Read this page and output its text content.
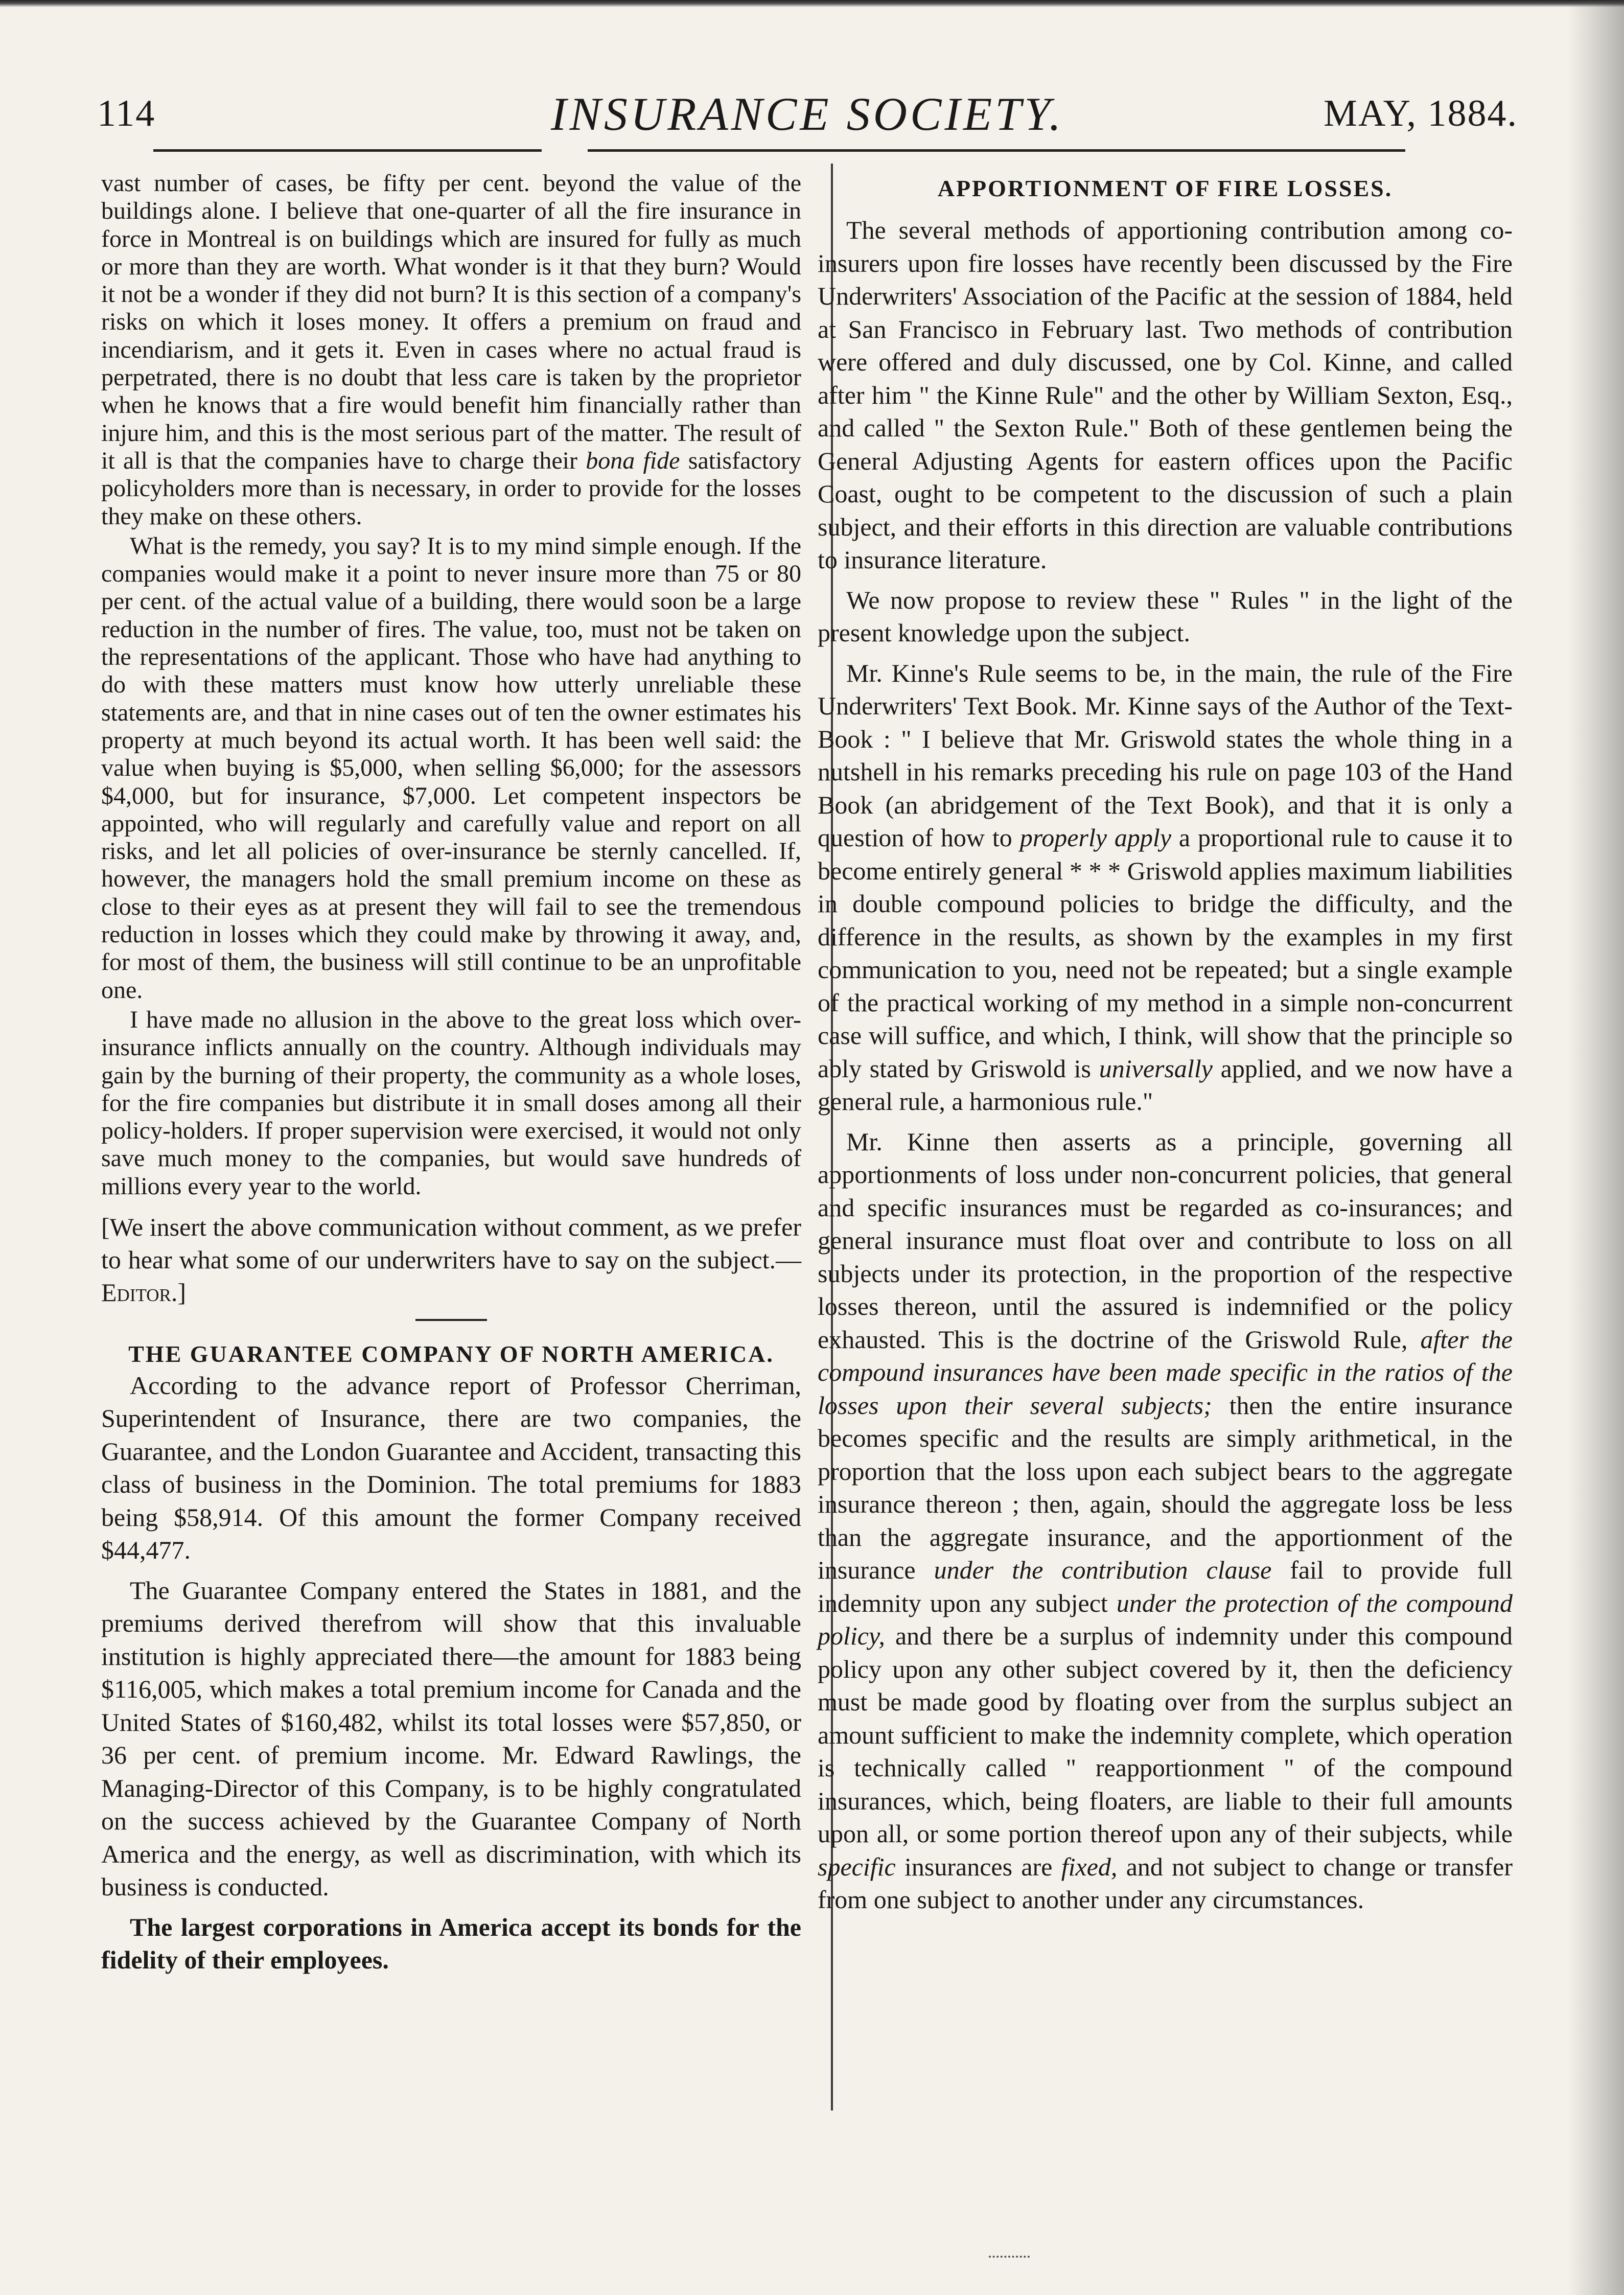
114	INSURANCE SOCIETY.	MAY, 1884.

vast number of cases, be fifty per cent. beyond the value of the buildings alone. I believe that one-quarter of all the fire insurance in force in Montreal is on buildings which are insured for fully as much or more than they are worth. What wonder is it that they burn? Would it not be a wonder if they did not burn? It is this section of a company's risks on which it loses money. It offers a premium on fraud and incendiarism, and it gets it. Even in cases where no actual fraud is perpetrated, there is no doubt that less care is taken by the proprietor when he knows that a fire would benefit him financially rather than injure him, and this is the most serious part of the matter. The result of it all is that the companies have to charge their bona fide satisfactory policyholders more than is necessary, in order to provide for the losses they make on these others.

What is the remedy, you say? It is to my mind simple enough. If the companies would make it a point to never insure more than 75 or 80 per cent. of the actual value of a building, there would soon be a large reduction in the number of fires. The value, too, must not be taken on the representations of the applicant. Those who have had anything to do with these matters must know how utterly unreliable these statements are, and that in nine cases out of ten the owner estimates his property at much beyond its actual worth. It has been well said: the value when buying is $5,000, when selling $6,000; for the assessors $4,000, but for insurance, $7,000. Let competent inspectors be appointed, who will regularly and carefully value and report on all risks, and let all policies of over-insurance be sternly cancelled. If, however, the managers hold the small premium income on these as close to their eyes as at present they will fail to see the tremendous reduction in losses which they could make by throwing it away, and, for most of them, the business will still continue to be an unprofitable one.

I have made no allusion in the above to the great loss which over-insurance inflicts annually on the country. Although individuals may gain by the burning of their property, the community as a whole loses, for the fire companies but distribute it in small doses among all their policy-holders. If proper supervision were exercised, it would not only save much money to the companies, but would save hundreds of millions every year to the world.

[We insert the above communication without comment, as we prefer to hear what some of our underwriters have to say on the subject.—Editor.]

THE GUARANTEE COMPANY OF NORTH AMERICA.

According to the advance report of Professor Cherriman, Superintendent of Insurance, there are two companies, the Guarantee, and the London Guarantee and Accident, transacting this class of business in the Dominion. The total premiums for 1883 being $58,914. Of this amount the former Company received $44,477.

The Guarantee Company entered the States in 1881, and the premiums derived therefrom will show that this invaluable institution is highly appreciated there—the amount for 1883 being $116,005, which makes a total premium income for Canada and the United States of $160,482, whilst its total losses were $57,850, or 36 per cent. of premium income. Mr. Edward Rawlings, the Managing-Director of this Company, is to be highly congratulated on the success achieved by the Guarantee Company of North America and the energy, as well as discrimination, with which its business is conducted.

The largest corporations in America accept its bonds for the fidelity of their employees.

APPORTIONMENT OF FIRE LOSSES.

The several methods of apportioning contribution among co-insurers upon fire losses have recently been discussed by the Fire Underwriters' Association of the Pacific at the session of 1884, held at San Francisco in February last. Two methods of contribution were offered and duly discussed, one by Col. Kinne, and called after him " the Kinne Rule" and the other by William Sexton, Esq., and called " the Sexton Rule." Both of these gentlemen being the General Adjusting Agents for eastern offices upon the Pacific Coast, ought to be competent to the discussion of such a plain subject, and their efforts in this direction are valuable contributions to insurance literature.

We now propose to review these " Rules " in the light of the present knowledge upon the subject.

Mr. Kinne's Rule seems to be, in the main, the rule of the Fire Underwriters' Text Book. Mr. Kinne says of the Author of the Text-Book : " I believe that Mr. Griswold states the whole thing in a nutshell in his remarks preceding his rule on page 103 of the Hand Book (an abridgement of the Text Book), and that it is only a question of how to properly apply a proportional rule to cause it to become entirely general * * * Griswold applies maximum liabilities in double compound policies to bridge the difficulty, and the difference in the results, as shown by the examples in my first communication to you, need not be repeated; but a single example of the practical working of my method in a simple non-concurrent case will suffice, and which, I think, will show that the principle so ably stated by Griswold is universally applied, and we now have a general rule, a harmonious rule."

Mr. Kinne then asserts as a principle, governing all apportionments of loss under non-concurrent policies, that general and specific insurances must be regarded as co-insurances; and general insurance must float over and contribute to loss on all subjects under its protection, in the proportion of the respective losses thereon, until the assured is indemnified or the policy exhausted. This is the doctrine of the Griswold Rule, after the compound insurances have been made specific in the ratios of the losses upon their several subjects; then the entire insurance becomes specific and the results are simply arithmetical, in the proportion that the loss upon each subject bears to the aggregate insurance thereon ; then, again, should the aggregate loss be less than the aggregate insurance, and the apportionment of the insurance under the contribution clause fail to provide full indemnity upon any subject under the protection of the compound policy, and there be a surplus of indemnity under this compound policy upon any other subject covered by it, then the deficiency must be made good by floating over from the surplus subject an amount sufficient to make the indemnity complete, which operation is technically called " reapportionment " of the compound insurances, which, being floaters, are liable to their full amounts upon all, or some portion thereof upon any of their subjects, while specific insurances are fixed, and not subject to change or transfer from one subject to another under any circumstances.
